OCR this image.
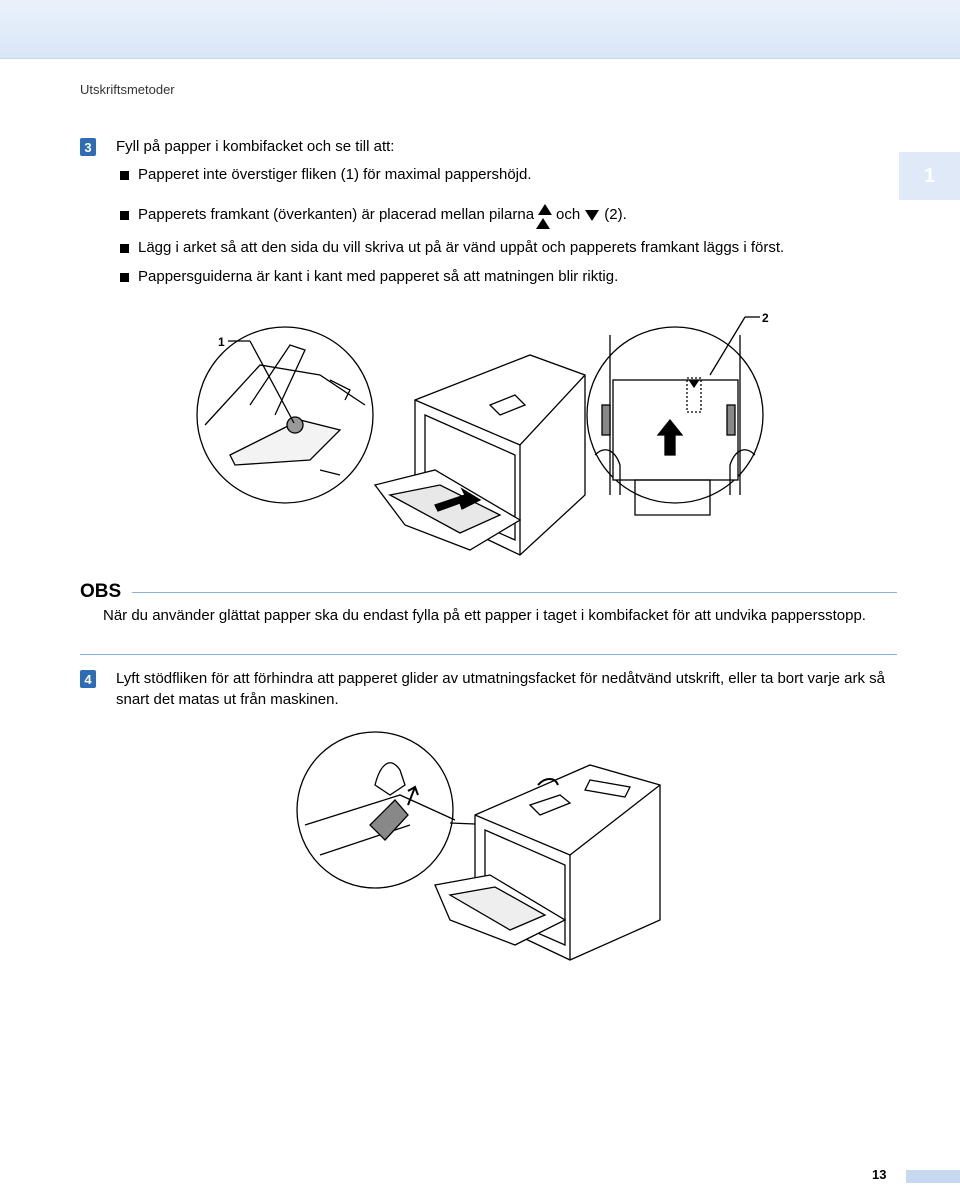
Utskriftsmetoder
1
3 Fyll på papper i kombifacket och se till att:
Papperet inte överstiger fliken (1) för maximal pappershöjd.
Papperets framkant (överkanten) är placerad mellan pilarna och (2).
Lägg i arket så att den sida du vill skriva ut på är vänd uppåt och papperets framkant läggs i först.
Pappersguiderna är kant i kant med papperet så att matningen blir riktig.
1
2
OBS
När du använder glättat papper ska du endast fylla på ett papper i taget i kombifacket för att undvika pappersstopp.
4 Lyft stödfliken för att förhindra att papperet glider av utmatningsfacket för nedåtvänd utskrift, eller ta bort varje ark så snart det matas ut från maskinen.
13
